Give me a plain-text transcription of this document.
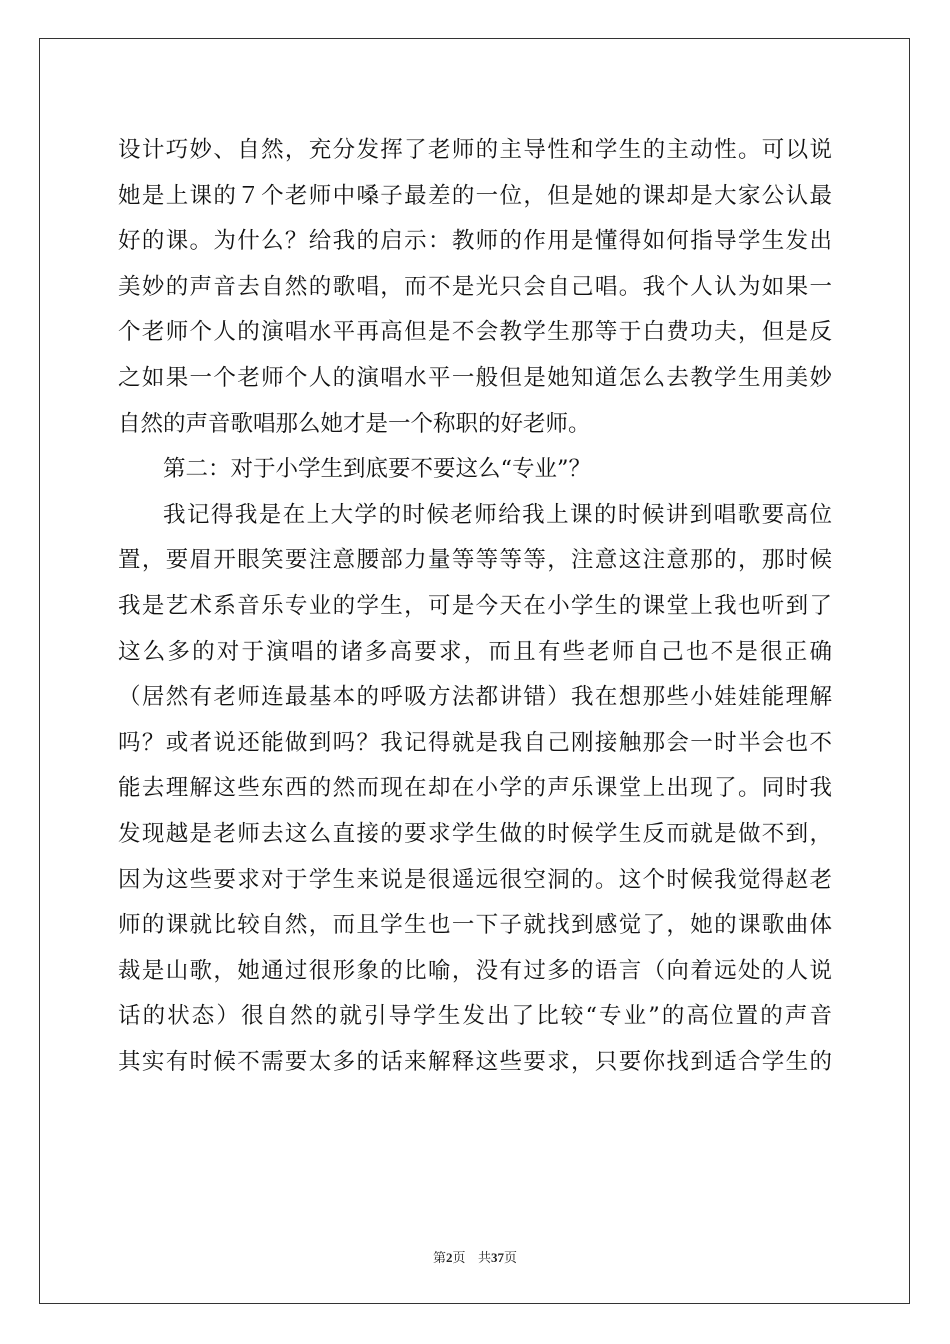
设计巧妙、自然，充分发挥了老师的主导性和学生的主动性。可以说
她是上课的７个老师中嗓子最差的一位，但是她的课却是大家公认最
好的课。为什么？给我的启示：教师的作用是懂得如何指导学生发出
美妙的声音去自然的歌唱，而不是光只会自己唱。我个人认为如果一
个老师个人的演唱水平再高但是不会教学生那等于白费功夫，但是反
之如果一个老师个人的演唱水平一般但是她知道怎么去教学生用美妙
自然的声音歌唱那么她才是一个称职的好老师。
第二：对于小学生到底要不要这么“专业”？
我记得我是在上大学的时候老师给我上课的时候讲到唱歌要高位
置，要眉开眼笑要注意腰部力量等等等等，注意这注意那的，那时候
我是艺术系音乐专业的学生，可是今天在小学生的课堂上我也听到了
这么多的对于演唱的诸多高要求，而且有些老师自己也不是很正确
（居然有老师连最基本的呼吸方法都讲错）我在想那些小娃娃能理解
吗？或者说还能做到吗？我记得就是我自己刚接触那会一时半会也不
能去理解这些东西的然而现在却在小学的声乐课堂上出现了。同时我
发现越是老师去这么直接的要求学生做的时候学生反而就是做不到，
因为这些要求对于学生来说是很遥远很空洞的。这个时候我觉得赵老
师的课就比较自然，而且学生也一下子就找到感觉了，她的课歌曲体
裁是山歌，她通过很形象的比喻，没有过多的语言（向着远处的人说
话的状态）很自然的就引导学生发出了比较“专业”的高位置的声音
其实有时候不需要太多的话来解释这些要求，只要你找到适合学生的
第2页 共37页
